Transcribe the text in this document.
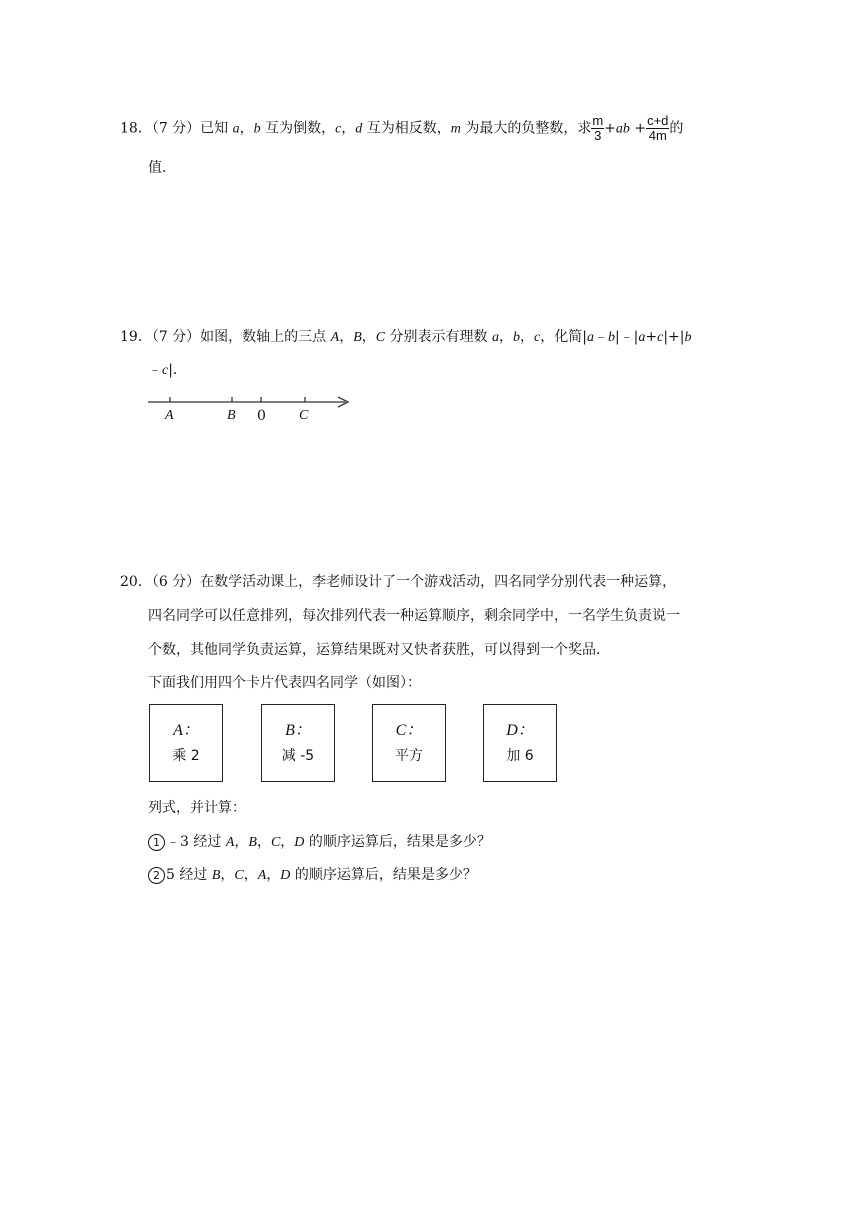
18．（7 分）已知 a，b 互为倒数，c，d 互为相反数，m 为最大的负整数，求 $\frac{m}{3} +ab + \frac{c+d}{4m}$ 的
值．
19．（7 分）如图，数轴上的三点 A，B，C 分别表示有理数 a，b，c，化简|a﹣b|﹣|a+c|+|b
﹣c|．
A	B 0 C
20．（6 分）在数学活动课上，李老师设计了一个游戏活动，四名同学分别代表一种运算，
四名同学可以任意排列，每次排列代表一种运算顺序，剩余同学中，一名学生负责说一
个数，其他同学负责运算，运算结果既对又快者获胜，可以得到一个奖品．
下面我们用四个卡片代表四名同学（如图）：
A：
乘 2
B：
减 -5
C：
平方
D：
加 6
列式，并计算：
1 ﹣3 经过 A，B，C，D 的顺序运算后，结果是多少？
2 5 经过 B，C，A，D 的顺序运算后，结果是多少？
